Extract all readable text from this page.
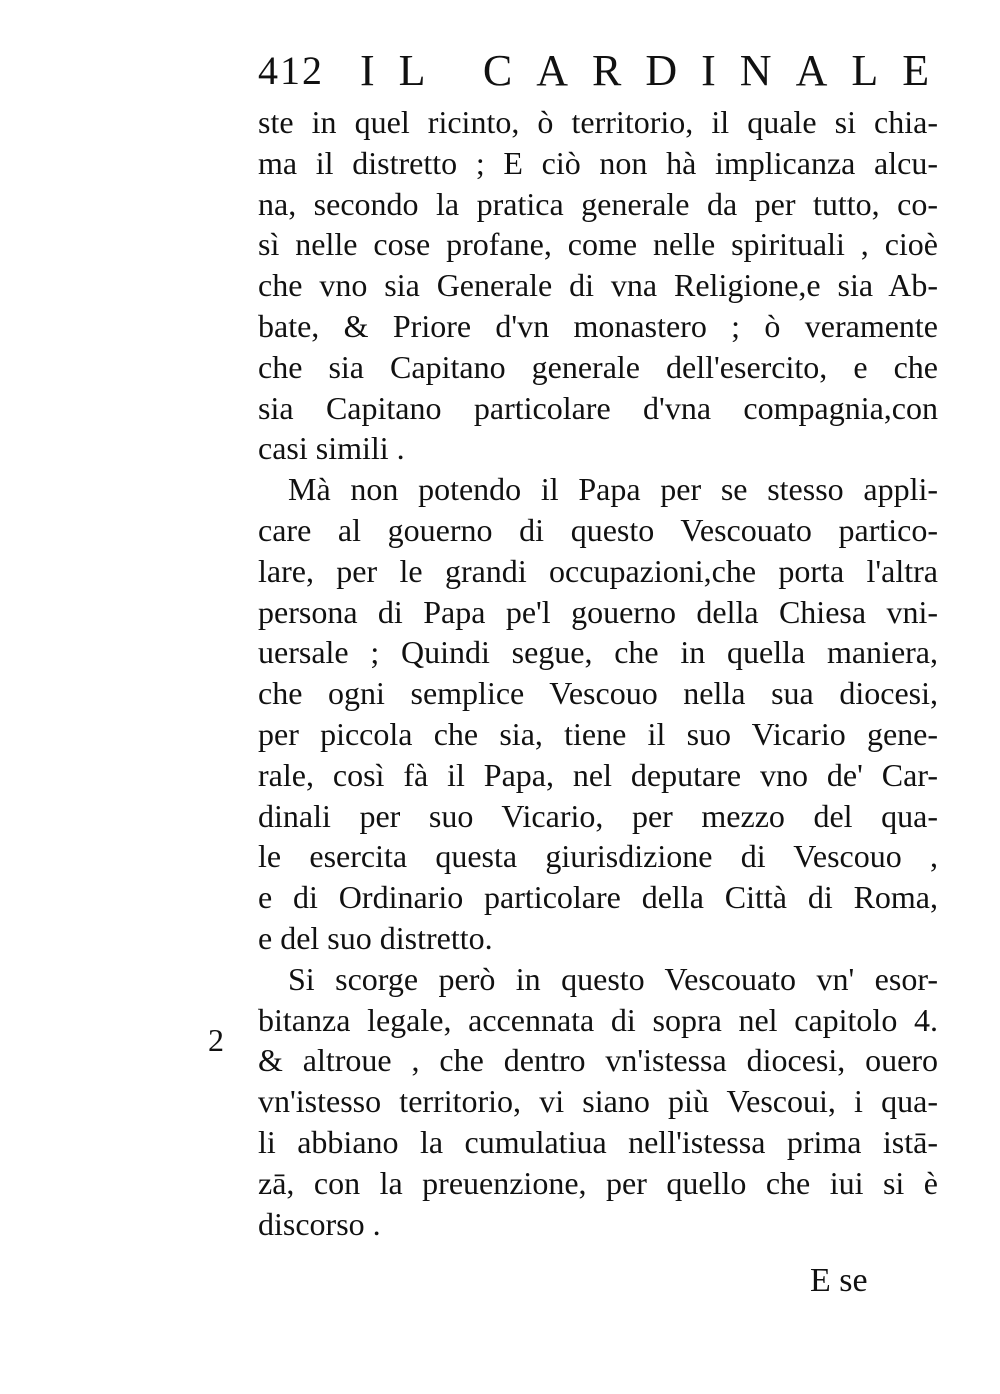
412 IL CARDINALE
ste in quel ricinto, ò territorio, il quale si chia-
ma il distretto ; E ciò non hà implicanza alcu-
na, secondo la pratica generale da per tutto, co-
sì nelle cose profane, come nelle spirituali , cioè
che vno sia Generale di vna Religione,e sia Ab-
bate, & Priore d'vn monastero ; ò veramente
che sia Capitano generale dell'esercito, e che
sia Capitano particolare d'vna compagnia,con
casi simili .
Mà non potendo il Papa per se stesso appli-
care al gouerno di questo Vescouato partico-
lare, per le grandi occupazioni,che porta l'altra
persona di Papa pe'l gouerno della Chiesa vni-
uersale ; Quindi segue, che in quella maniera,
che ogni semplice Vescouo nella sua diocesi,
per piccola che sia, tiene il suo Vicario gene-
rale, così fà il Papa, nel deputare vno de' Car-
dinali per suo Vicario, per mezzo del qua-
le esercita questa giurisdizione di Vescouo ,
e di Ordinario particolare della Città di Roma,
e del suo distretto.
Si scorge però in questo Vescouato vn' esor-
bitanza legale, accennata di sopra nel capitolo 4.
& altroue , che dentro vn'istessa diocesi, ouero
vn'istesso territorio, vi siano più Vescoui, i qua-
li abbiano la cumulatiua nell'istessa prima istā-
zā, con la preuenzione, per quello che iui si è
discorso .
2
E se
